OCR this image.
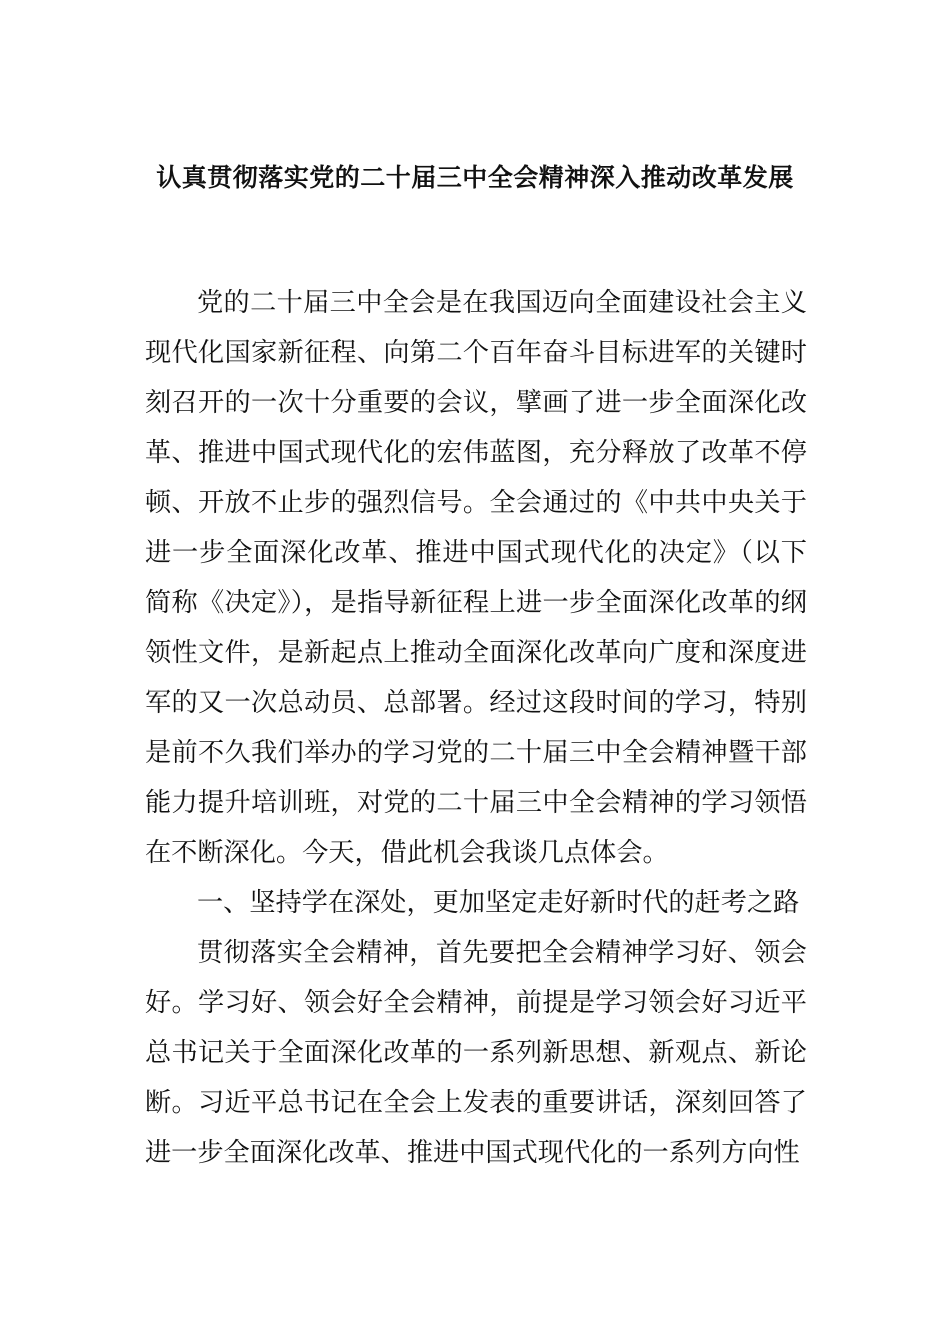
认真贯彻落实党的二十届三中全会精神深入推动改革发展

党的二十届三中全会是在我国迈向全面建设社会主义现代化国家新征程、向第二个百年奋斗目标进军的关键时刻召开的一次十分重要的会议，擘画了进一步全面深化改革、推进中国式现代化的宏伟蓝图，充分释放了改革不停顿、开放不止步的强烈信号。全会通过的《中共中央关于进一步全面深化改革、推进中国式现代化的决定》（以下简称《决定》），是指导新征程上进一步全面深化改革的纲领性文件，是新起点上推动全面深化改革向广度和深度进军的又一次总动员、总部署。经过这段时间的学习，特别是前不久我们举办的学习党的二十届三中全会精神暨干部能力提升培训班，对党的二十届三中全会精神的学习领悟在不断深化。今天，借此机会我谈几点体会。

一、坚持学在深处，更加坚定走好新时代的赶考之路

贯彻落实全会精神，首先要把全会精神学习好、领会好。学习好、领会好全会精神，前提是学习领会好习近平总书记关于全面深化改革的一系列新思想、新观点、新论断。习近平总书记在全会上发表的重要讲话，深刻回答了进一步全面深化改革、推进中国式现代化的一系列方向性
